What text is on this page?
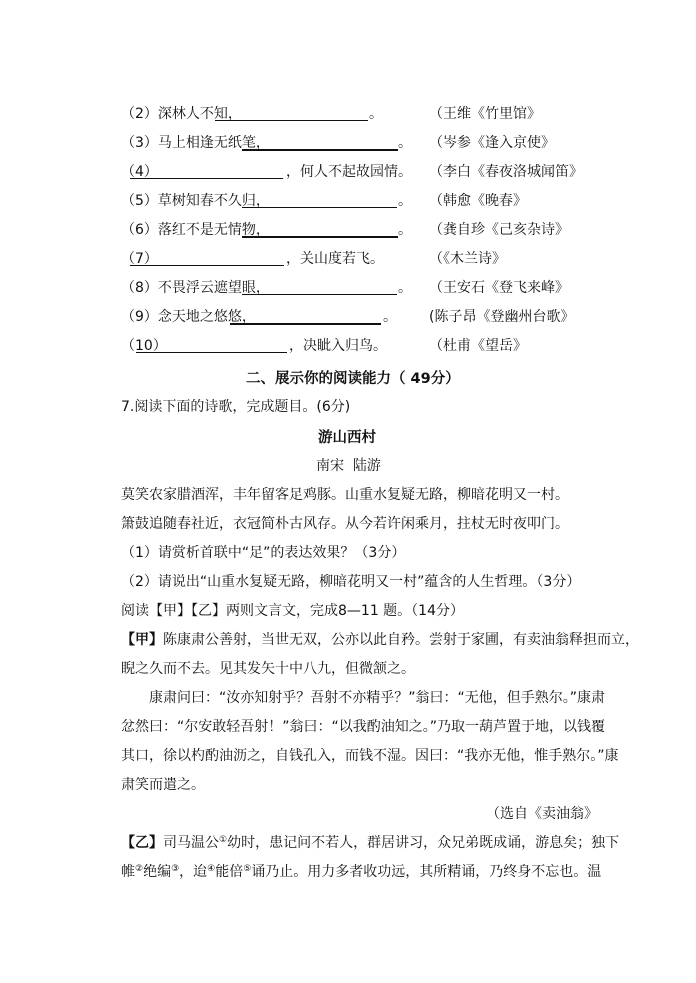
（2）深林人不知，	。	（王维《竹里馆》
（3）马上相逢无纸笔，	。 （岑参《逢入京使》
（4）	，何人不起故园情。 （李白《春夜洛城闻笛》
（5）草树知春不久归，	。 （韩愈《晚春》
（6）落红不是无情物，	。 （龚自珍《己亥杂诗》
（7）	，关山度若飞。	（《木兰诗》
（8）不畏浮云遮望眼，	。 （王安石《登飞来峰》
（9）念天地之悠悠，	。 (陈子昂《登幽州台歌》
（10）	，决眦入归鸟。	（杜甫《望岳》
二、展示你的阅读能力（ 49分）
7.阅读下面的诗歌，完成题目。(6分)
游山西村
南宋  陆游
莫笑农家腊酒浑，丰年留客足鸡豚。山重水复疑无路，柳暗花明又一村。
箫鼓追随春社近，衣冠简朴古风存。从今若许闲乘月，拄杖无时夜叩门。
（1）请赏析首联中“足”的表达效果？（3分）
（2）请说出“山重水复疑无路，柳暗花明又一村”蕴含的人生哲理。（3分）
阅读【甲】【乙】两则文言文，完成8—11 题。（14分）
【甲】陈康肃公善射，当世无双，公亦以此自矜。尝射于家圃，有卖油翁释担而立，
睨之久而不去。见其发矢十中八九，但微颔之。
康肃问曰：“汝亦知射乎？吾射不亦精乎？”翁曰：“无他，但手熟尔。”康肃
忿然曰：“尔安敢轻吾射！”翁曰：“以我酌油知之。”乃取一葫芦置于地，以钱覆
其口，徐以杓酌油沥之，自钱孔入，而钱不湿。因曰：“我亦无他，惟手熟尔。”康
肃笑而遣之。
（选自《卖油翁》
【乙】司马温公①幼时，患记问不若人，群居讲习，众兄弟既成诵，游息矣；独下
帷②绝编③，迨④能倍⑤诵乃止。用力多者收功远，其所精诵，乃终身不忘也。温
